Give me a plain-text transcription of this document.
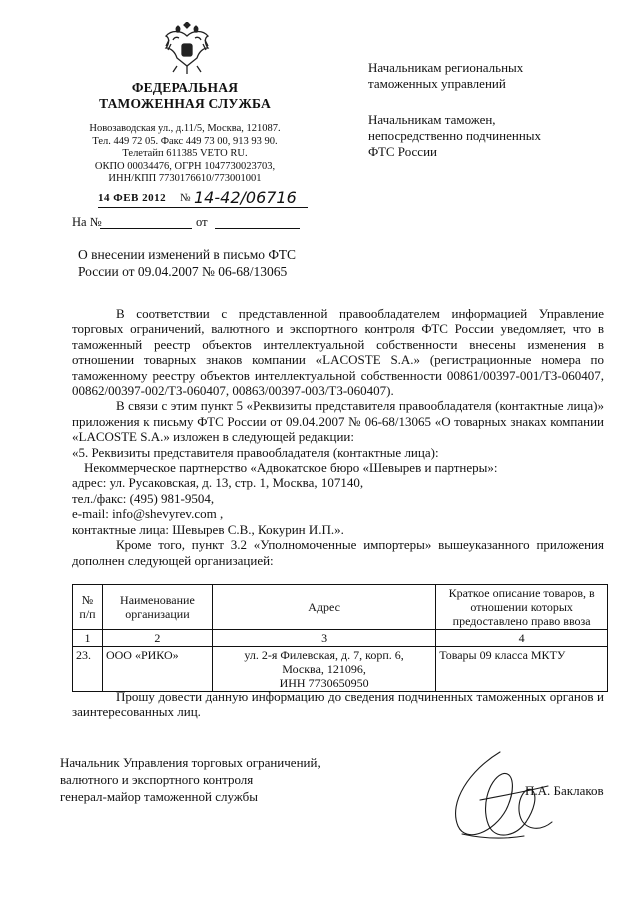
ФЕДЕРАЛЬНАЯ
ТАМОЖЕННАЯ СЛУЖБА
Новозаводская ул., д.11/5, Москва, 121087.
Тел. 449 72 05. Факс 449 73 00, 913 93 90.
Телетайп 611385 VETO RU.
ОКПО 00034476, ОГРН 1047730023703,
ИНН/КПП 7730176610/773001001
14 ФЕВ 2012 № 14-42/06716
На №	от
Начальникам региональных
таможенных управлений
Начальникам таможен,
непосредственно подчиненных
ФТС России
О внесении изменений в письмо ФТС
России от 09.04.2007 № 06-68/13065

В соответствии с представленной правообладателем информацией Управление торговых ограничений, валютного и экспортного контроля ФТС России уведомляет, что в таможенный реестр объектов интеллектуальной собственности внесены изменения в отношении товарных знаков компании «LACOSTE S.A.» (регистрационные номера по таможенному реестру объектов интеллектуальной собственности 00861/00397-001/ТЗ-060407, 00862/00397-002/ТЗ-060407, 00863/00397-003/ТЗ-060407).

В связи с этим пункт 5 «Реквизиты представителя правообладателя (контактные лица)» приложения к письму ФТС России от 09.04.2007 № 06-68/13065 «О товарных знаках компании «LACOSTE S.A.» изложен в следующей редакции:

«5. Реквизиты представителя правообладателя (контактные лица):

Некоммерческое партнерство «Адвокатское бюро «Шевырев и партнеры»:

адрес: ул. Русаковская, д. 13, стр. 1, Москва, 107140,

тел./факс: (495) 981-9504,

e-mail: info@shevyrev.com ,

контактные лица: Шевырев С.В., Кокурин И.П.».

Кроме того, пункт 3.2 «Уполномоченные импортеры» вышеуказанного приложения дополнен следующей организацией:

№ п/п	Наименование организации	Адрес	Краткое описание товаров, в отношении которых предоставлено право ввоза
1	2	3	4
23.	ООО «РИКО»	ул. 2-я Филевская, д. 7, корп. 6,
Москва, 121096,
ИНН 7730650950	Товары 09 класса МКТУ

Прошу довести данную информацию до сведения подчиненных таможенных органов и заинтересованных лиц.

Начальник Управления торговых ограничений,
валютного и экспортного контроля
генерал-майор таможенной службы	П.А. Баклаков
